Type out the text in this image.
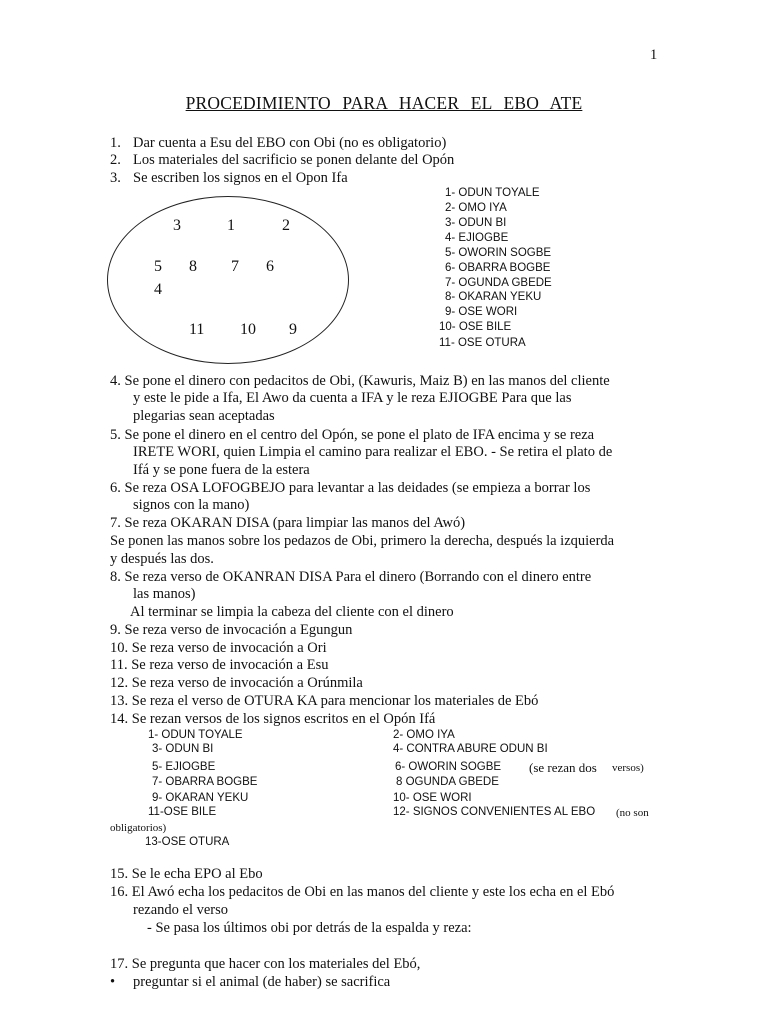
1
PROCEDIMIENTO PARA HACER EL EBO ATE
1. Dar cuenta a Esu del EBO con Obi (no es obligatorio)
2. Los materiales del sacrificio se ponen delante del Opón
3. Se escriben los signos en el Opon Ifa
3	1	2
5 8 7 6
4
11 10 9
1- ODUN TOYALE
2- OMO IYA
3- ODUN BI
4- EJIOGBE
5- OWORIN SOGBE
6- OBARRA BOGBE
7- OGUNDA GBEDE
8- OKARAN YEKU
9- OSE WORI
10- OSE BILE
11- OSE OTURA
4. Se pone el dinero con pedacitos de Obi, (Kawuris, Maiz B) en las manos del cliente
y este le pide a Ifa, El Awo da cuenta a IFA y le reza EJIOGBE Para que las
plegarias sean aceptadas
5. Se pone el dinero en el centro del Opón, se pone el plato de IFA encima y se reza
IRETE WORI, quien Limpia el camino para realizar el EBO. - Se retira el plato de
Ifá y se pone fuera de la estera
6. Se reza OSA LOFOGBEJO para levantar a las deidades (se empieza a borrar los
signos con la mano)
7. Se reza OKARAN DISA (para limpiar las manos del Awó)
Se ponen las manos sobre los pedazos de Obi, primero la derecha, después la izquierda
y después las dos.
8. Se reza verso de OKANRAN DISA Para el dinero (Borrando con el dinero entre
las manos)
Al terminar se limpia la cabeza del cliente con el dinero
9. Se reza verso de invocación a Egungun
10. Se reza verso de invocación a Ori
11. Se reza verso de invocación a Esu
12. Se reza verso de invocación a Orúnmila
13. Se reza el verso de OTURA KA para mencionar los materiales de Ebó
14. Se rezan versos de los signos escritos en el Opón Ifá
1- ODUN TOYALE	2- OMO IYA
3- ODUN BI	4- CONTRA ABURE ODUN BI
5- EJIOGBE	6- OWORIN SOGBE (se rezan dos versos)
7- OBARRA BOGBE	8 OGUNDA GBEDE
9- OKARAN YEKU	10- OSE WORI
11-OSE BILE	12- SIGNOS CONVENIENTES AL EBO (no son
obligatorios)
13-OSE OTURA
15. Se le echa EPO al Ebo
16. El Awó echa los pedacitos de Obi en las manos del cliente y este los echa en el Ebó
rezando el verso
- Se pasa los últimos obi por detrás de la espalda y reza:
17. Se pregunta que hacer con los materiales del Ebó,
• preguntar si el animal (de haber) se sacrifica
